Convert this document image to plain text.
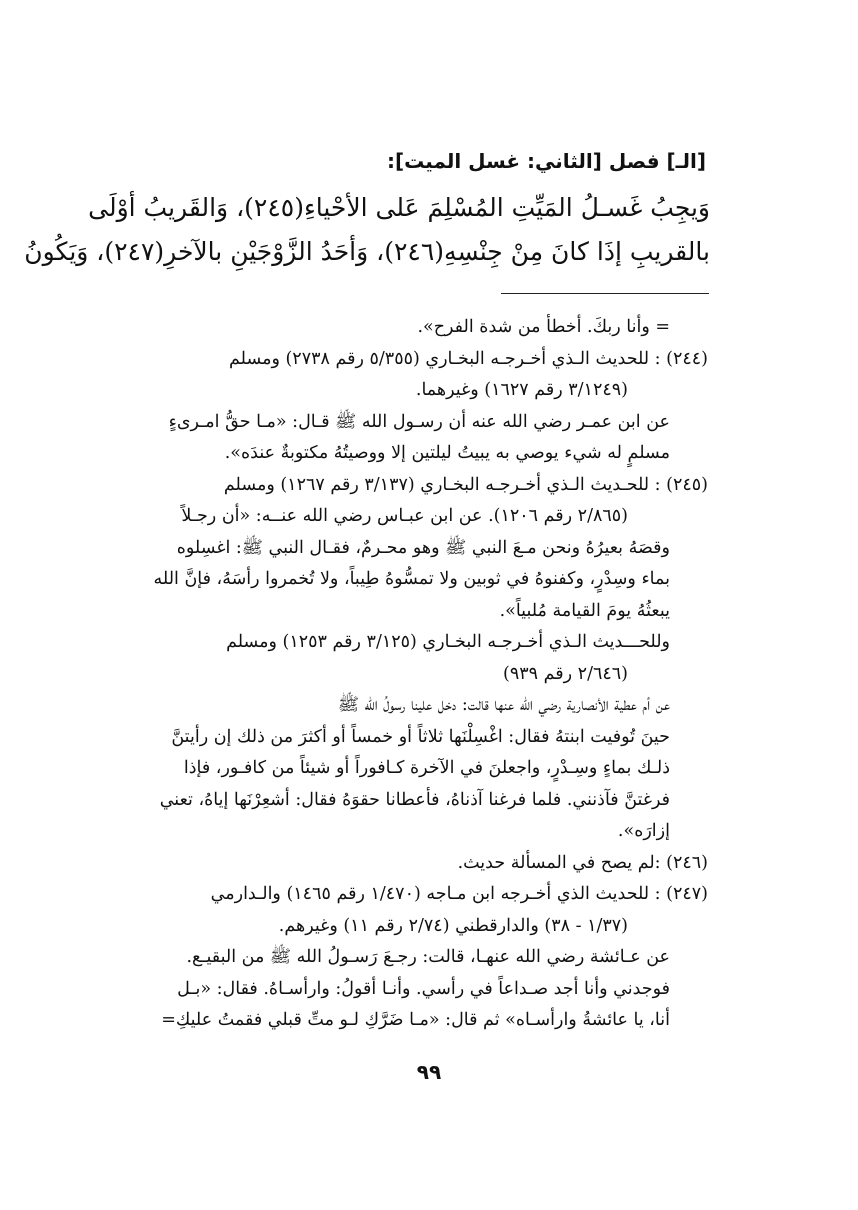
[الـ] فصل [الثاني: غسل الميت]:
وَيجِبُ غَسـلُ المَيِّتِ المُسْلِمَ عَلى الأحْياءِ(٢٤٥)، وَالقَريبُ أوْلَى
بالقريبِ إذَا كانَ مِنْ جِنْسِهِ(٢٤٦)، وَأحَدُ الزَّوْجَيْنِ بالآخرِ(٢٤٧)، وَيَكُونُ
= وأنا ربكَ. أخطأ من شدة الفرح».
(٢٤٤) : للحديث الـذي أخـرجـه البخـاري (٥/٣٥٥ رقم ٢٧٣٨) ومسلم
(٣/١٢٤٩ رقم ١٦٢٧) وغيرهما.
عن ابن عمـر رضي الله عنه أن رسـول الله ﷺ قـال: «مـا حقُّ امـرىءٍ
مسلمٍ له شيء يوصي به يبيتُ ليلتين إلا ووصيتُهُ مكتوبةٌ عندَه».
(٢٤٥) : للحـديث الـذي أخـرجـه البخـاري (٣/١٣٧ رقم ١٢٦٧) ومسلم
(٢/٨٦٥ رقم ١٢٠٦). عن ابن عبـاس رضي الله عنــه: «أن رجـلاً
وقصَهُ بعيرُهُ ونحن مـعَ النبي ﷺ وهو محـرمٌ، فقـال النبي ﷺ: اغسِلوه
بماء وسِدْرٍ، وكفنوهُ في ثوبين ولا تمسُّوهُ طِيباً، ولا تُخمروا رأسَهُ، فإنَّ الله
يبعثُهُ يومَ القيامة مُلبياً».
وللحـــديث الـذي أخـرجـه البخـاري (٣/١٢٥ رقم ١٢٥٣) ومسلم
(٢/٦٤٦ رقم ٩٣٩)
عن أم عطية الأنصارية رضي الله عنها قالت: دخل علينا رسولُ الله ﷺ
حينَ تُوفيت ابنتهُ فقال: اغْسِلْنَها ثلاثاً أو خمساً أو أكثرَ من ذلك إن رأيتنَّ
ذلـك بماءٍ وسِـدْرٍ، واجعلنَ في الآخرة كـافوراً أو شيئاً من كافـور، فإذا
فرغتنَّ فآذنني. فلما فرغنا آذناهُ، فأعطانا حقوَهُ فقال: أشعِرْنَها إياهُ، تعني
إزارَه».
(٢٤٦) :لم يصح في المسألة حديث.(٢٤٧) : للحديث الذي أخـرجه ابن مـاجه (١/٤٧٠ رقم ١٤٦٥) والـدارمي
(١/٣٧ - ٣٨) والدارقطني (٢/٧٤ رقم ١١) وغيرهم.
عن عـائشة رضي الله عنهـا، قالت: رجـعَ رَسـولُ الله ﷺ من البقيـع.
فوجدني وأنا أجد صـداعاً في رأسي. وأنـا أقولُ: وارأسـاهُ. فقال: «بـل
أنا، يا عائشةُ وارأسـاه» ثم قال: «مـا ضَرَّكِ لـو متِّ قبلي فقمتُ عليكِ=
٩٩
